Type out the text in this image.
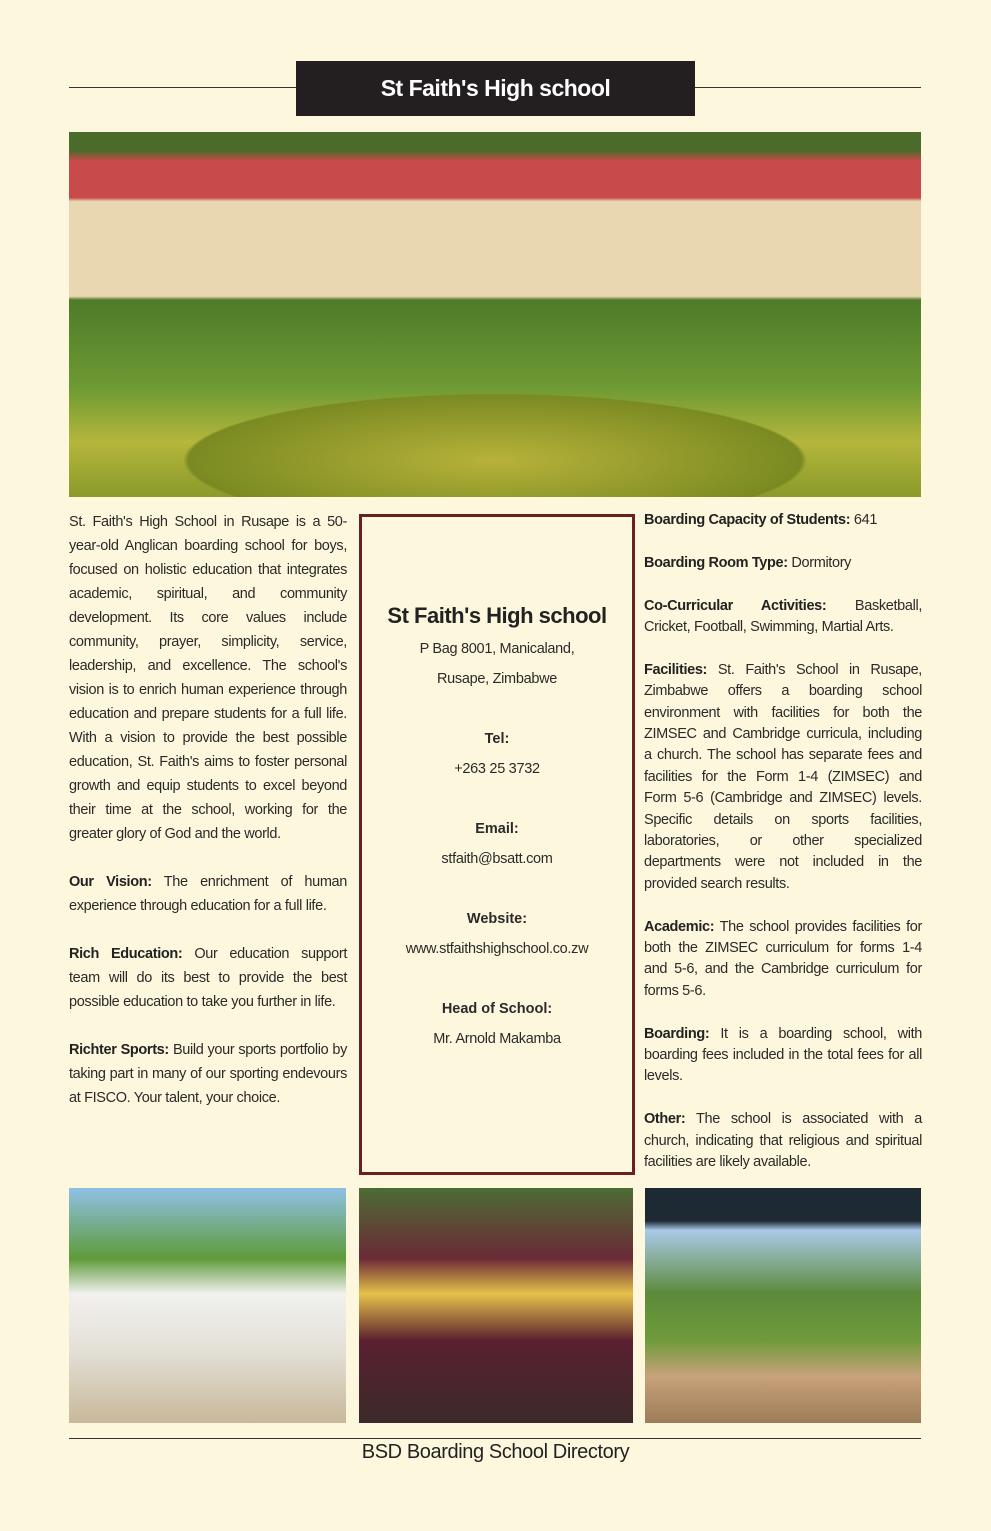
St Faith's High school

St. Faith's High School in Rusape is a 50-year-old Anglican boarding school for boys, focused on holistic education that integrates academic, spiritual, and community development. Its core values include community, prayer, simplicity, service, leadership, and excellence. The school's vision is to enrich human experience through education and prepare students for a full life. With a vision to provide the best possible education, St. Faith's aims to foster personal growth and equip students to excel beyond their time at the school, working for the greater glory of God and the world.

Our Vision: The enrichment of human experience through education for a full life.

Rich Education: Our education support team will do its best to provide the best possible education to take you further in life.

Richter Sports: Build your sports portfolio by taking part in many of our sporting endevours at FISCO. Your talent, your choice.

St Faith's High school
P Bag 8001, Manicaland,
Rusape, Zimbabwe
Tel:
+263 25 3732
Email:
stfaith@bsatt.com
Website:
www.stfaithshighschool.co.zw
Head of School:
Mr. Arnold Makamba

Boarding Capacity of Students: 641

Boarding Room Type: Dormitory

Co-Curricular Activities: Basketball, Cricket, Football, Swimming, Martial Arts.

Facilities: St. Faith's School in Rusape, Zimbabwe offers a boarding school environment with facilities for both the ZIMSEC and Cambridge curricula, including a church. The school has separate fees and facilities for the Form 1-4 (ZIMSEC) and Form 5-6 (Cambridge and ZIMSEC) levels. Specific details on sports facilities, laboratories, or other specialized departments were not included in the provided search results.

Academic: The school provides facilities for both the ZIMSEC curriculum for forms 1-4 and 5-6, and the Cambridge curriculum for forms 5-6.

Boarding: It is a boarding school, with boarding fees included in the total fees for all levels.

Other: The school is associated with a church, indicating that religious and spiritual facilities are likely available.

BSD Boarding School Directory
